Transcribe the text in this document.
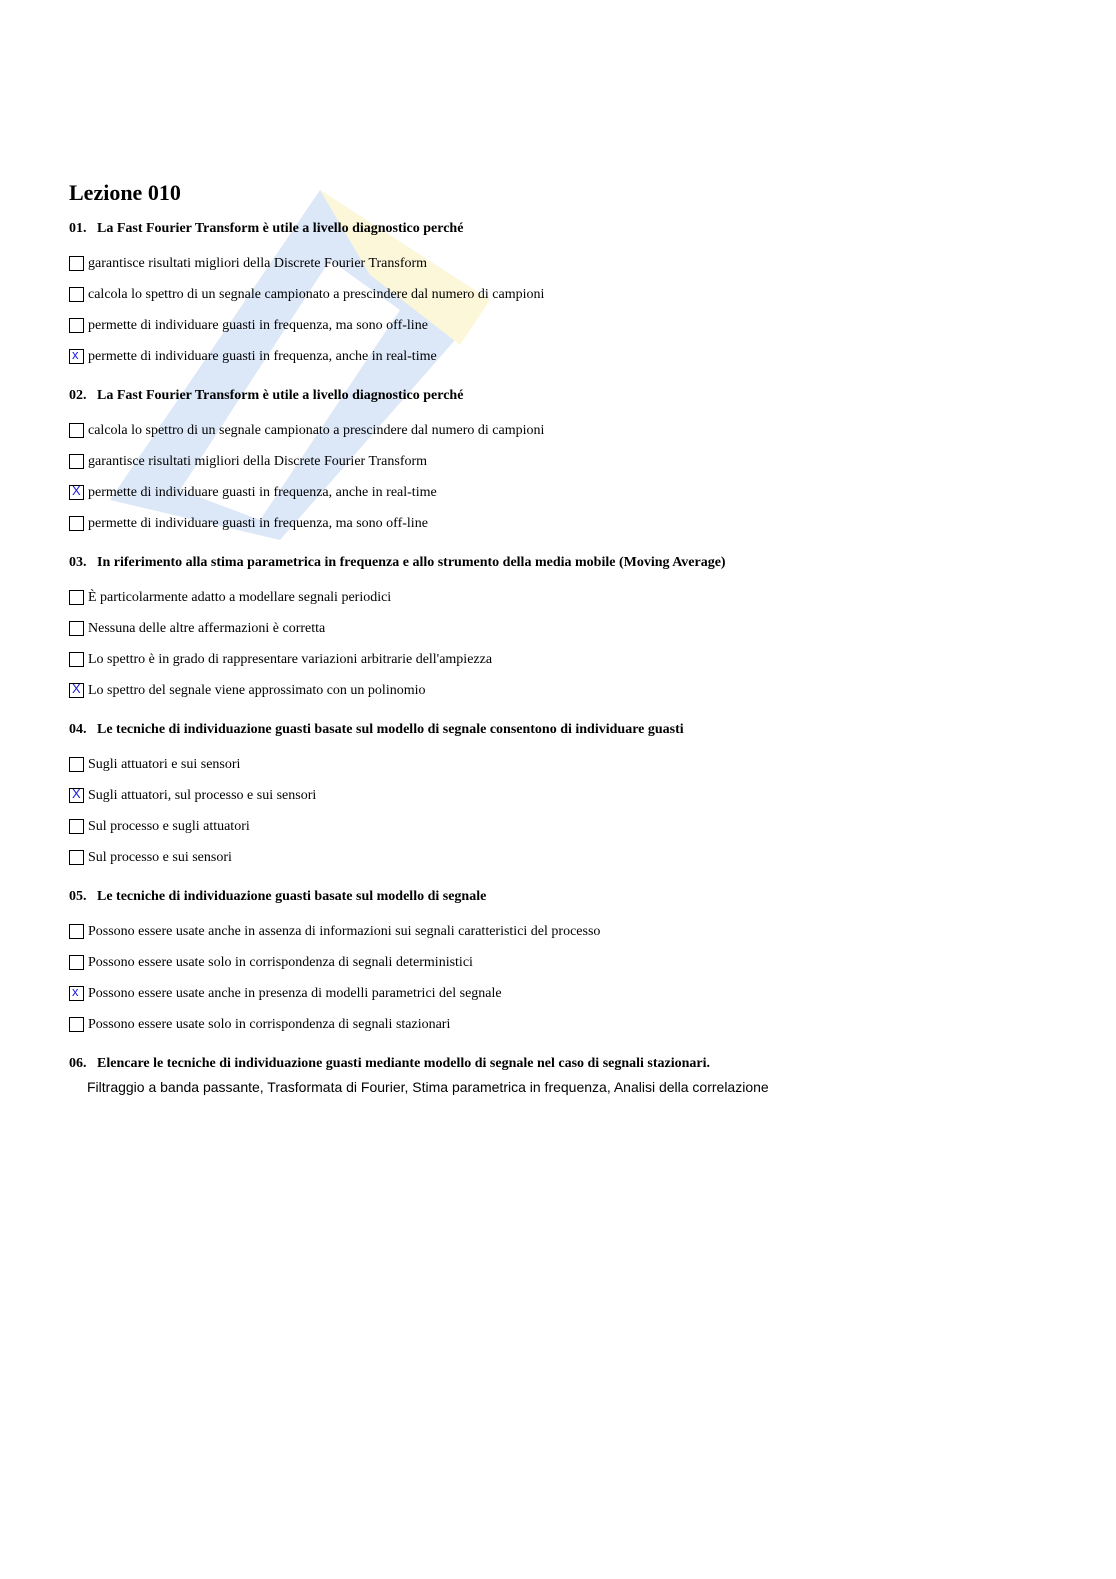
Lezione 010
01. La Fast Fourier Transform è utile a livello diagnostico perché
garantisce risultati migliori della Discrete Fourier Transform
calcola lo spettro di un segnale campionato a prescindere dal numero di campioni
permette di individuare guasti in frequenza, ma sono off-line
x permette di individuare guasti in frequenza, anche in real-time
02. La Fast Fourier Transform è utile a livello diagnostico perché
calcola lo spettro di un segnale campionato a prescindere dal numero di campioni
garantisce risultati migliori della Discrete Fourier Transform
X permette di individuare guasti in frequenza, anche in real-time
permette di individuare guasti in frequenza, ma sono off-line
03. In riferimento alla stima parametrica in frequenza e allo strumento della media mobile (Moving Average)
È particolarmente adatto a modellare segnali periodici
Nessuna delle altre affermazioni è corretta
Lo spettro è in grado di rappresentare variazioni arbitrarie dell'ampiezza
X Lo spettro del segnale viene approssimato con un polinomio
04. Le tecniche di individuazione guasti basate sul modello di segnale consentono di individuare guasti
Sugli attuatori e sui sensori
X Sugli attuatori, sul processo e sui sensori
Sul processo e sugli attuatori
Sul processo e sui sensori
05. Le tecniche di individuazione guasti basate sul modello di segnale
Possono essere usate anche in assenza di informazioni sui segnali caratteristici del processo
Possono essere usate solo in corrispondenza di segnali deterministici
x Possono essere usate anche in presenza di modelli parametrici del segnale
Possono essere usate solo in corrispondenza di segnali stazionari
06. Elencare le tecniche di individuazione guasti mediante modello di segnale nel caso di segnali stazionari.
Filtraggio a banda passante, Trasformata di Fourier, Stima parametrica in frequenza, Analisi della correlazione
